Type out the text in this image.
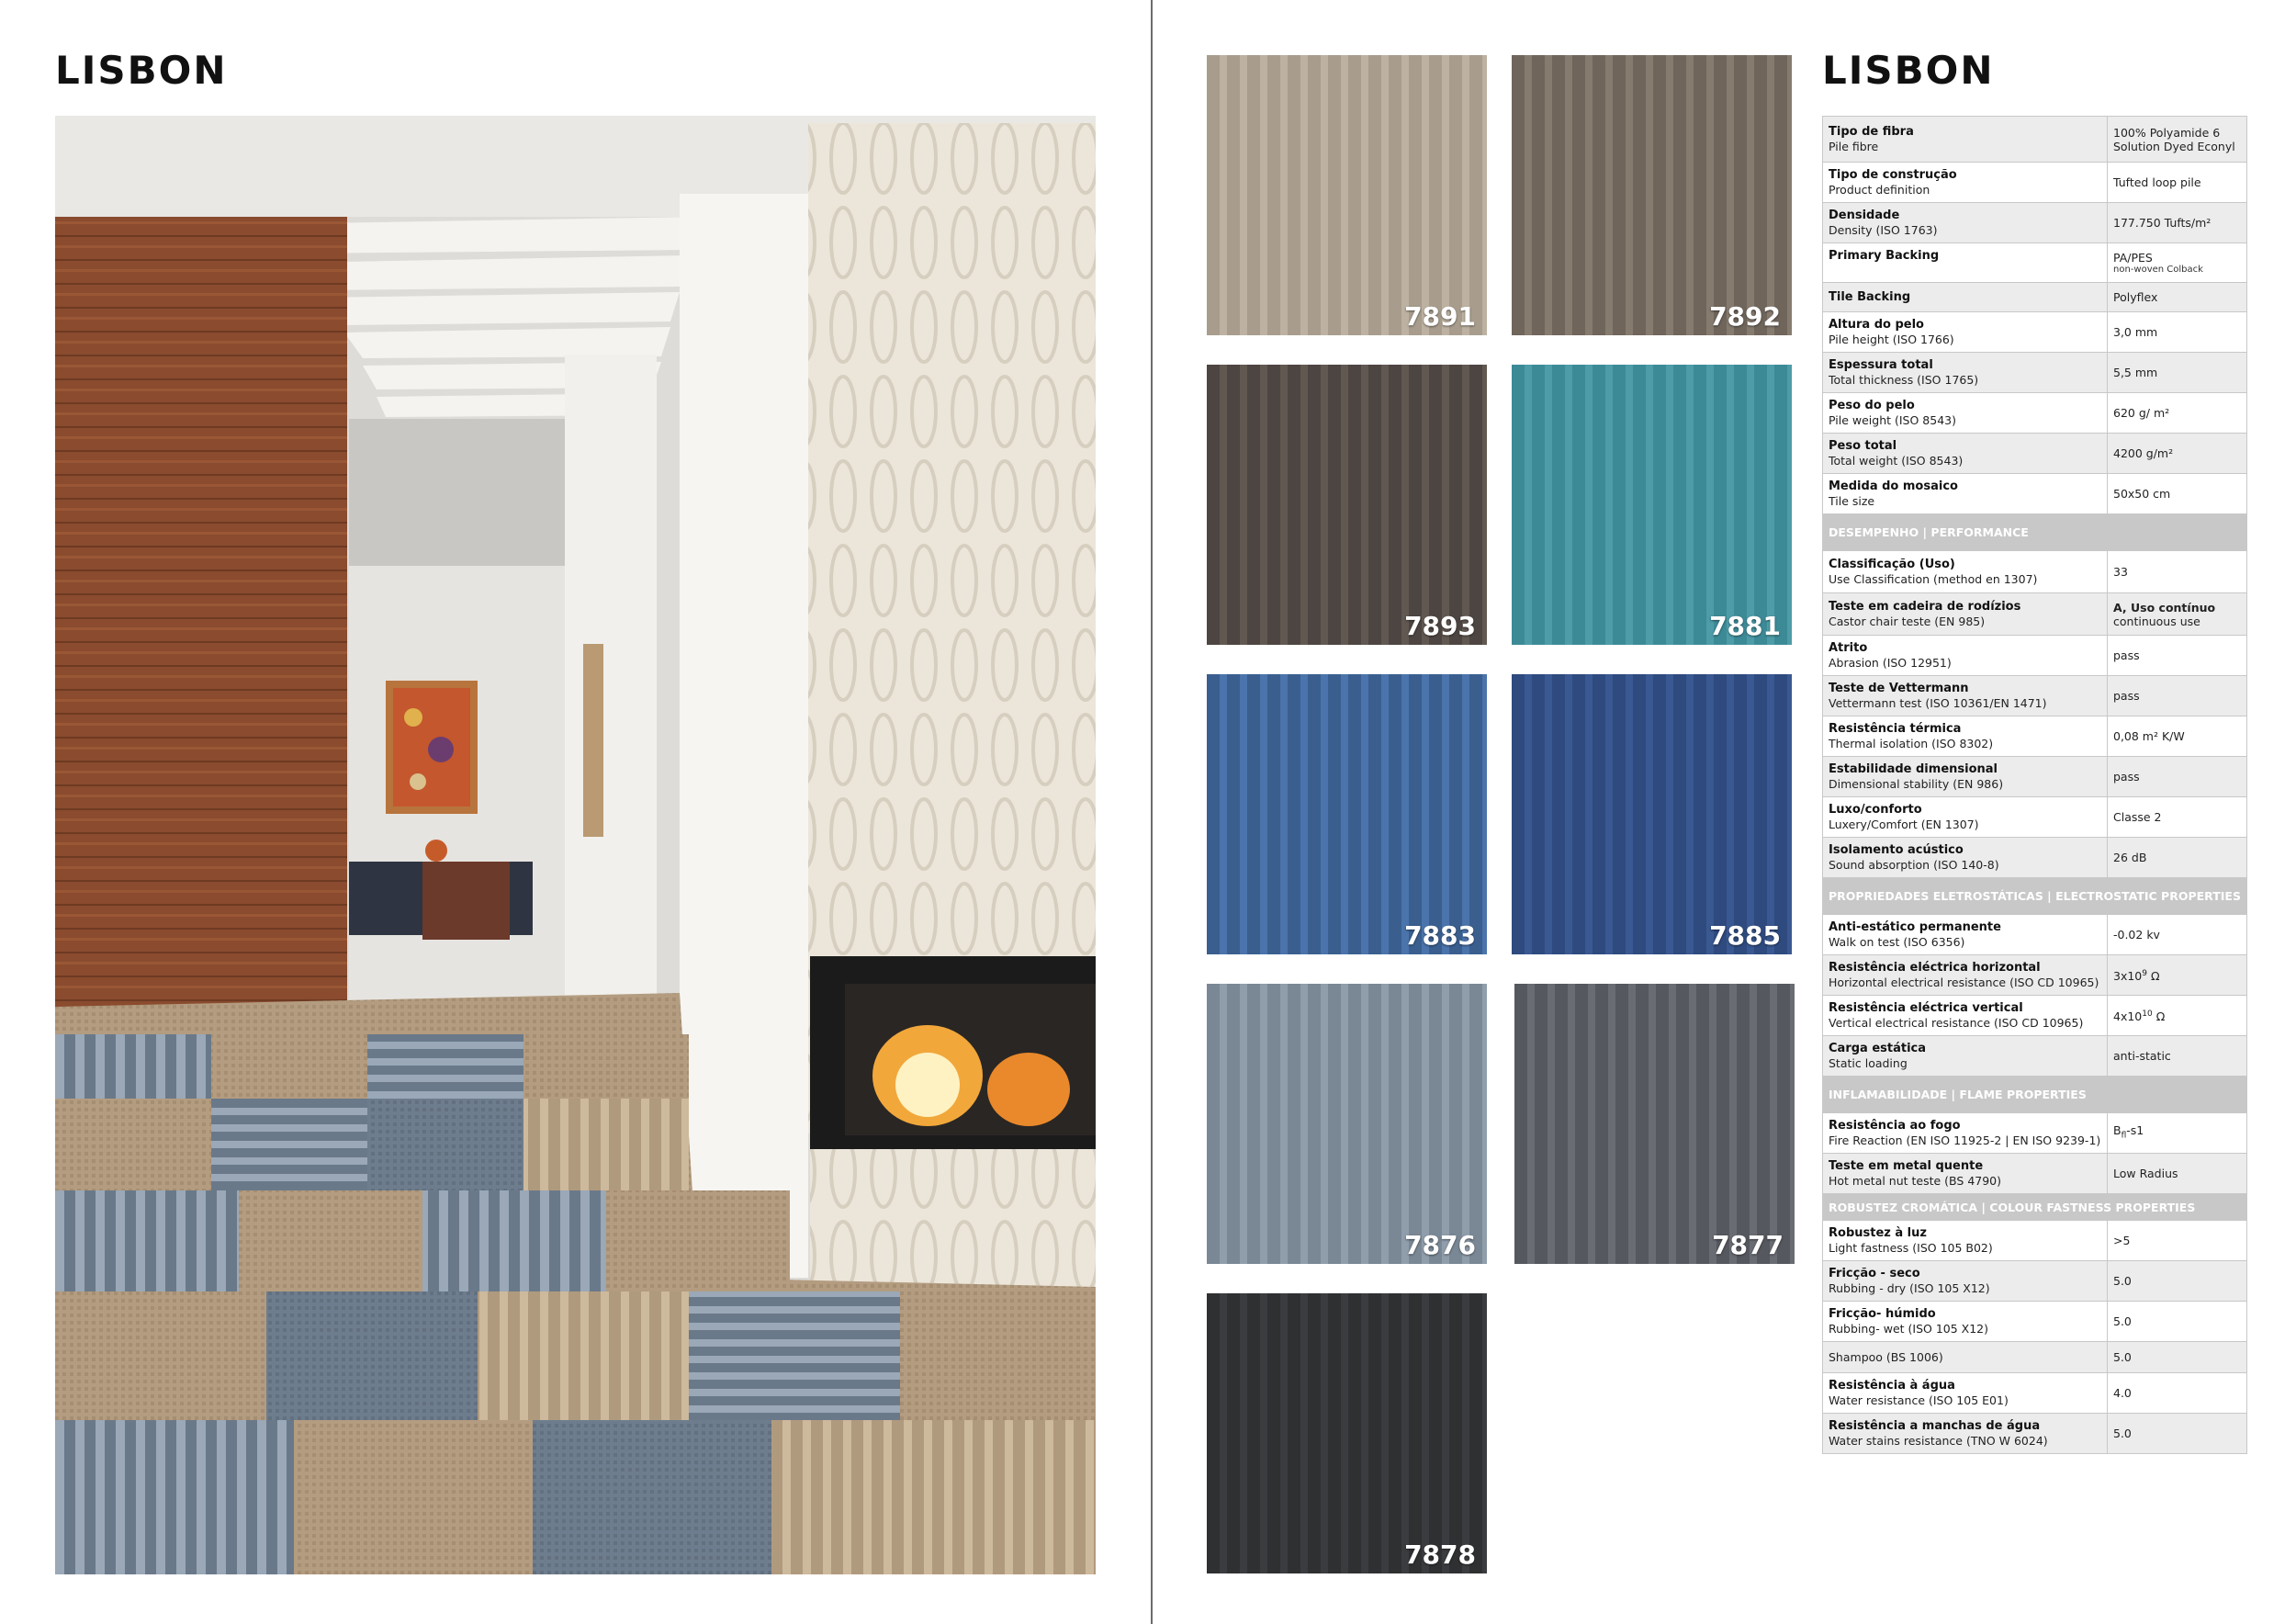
LISBON
7891	7892
7893	7881
7883	7885
7876	7877
7878
LISBON
Tipo de fibra
Pile fibre	100% Polyamide 6
Solution Dyed Econyl

Tipo de construção
Product definition	Tufted loop pile

Densidade
Density (ISO 1763)	177.750 Tufts/m²

Primary Backing	PA/PES
non-woven Colback

Tile Backing	Polyflex

Altura do pelo
Pile height (ISO 1766)	3,0 mm

Espessura total
Total thickness (ISO 1765)	5,5 mm

Peso do pelo
Pile weight (ISO 8543)	620 g/ m²

Peso total
Total weight (ISO 8543)	4200 g/m²

Medida do mosaico
Tile size	50x50 cm
DESEMPENHO | PERFORMANCE	

Classificação (Uso)
Use Classification (method en 1307)	33

Teste em cadeira de rodízios
Castor chair teste (EN 985)	A, Uso contínuo
continuous use

Atrito
Abrasion (ISO 12951)	pass

Teste de Vettermann
Vettermann test (ISO 10361/EN 1471)	pass

Resistência térmica
Thermal isolation (ISO 8302)	0,08 m² K/W

Estabilidade dimensional
Dimensional stability (EN 986)	pass

Luxo/conforto
Luxery/Comfort (EN 1307)	Classe 2

Isolamento acústico
Sound absorption (ISO 140-8)	26 dB
PROPRIEDADES ELETROSTÁTICAS | ELECTROSTATIC PROPERTIES	

Anti-estático permanente
Walk on test (ISO 6356)	-0.02 kv

Resistência eléctrica horizontal
Horizontal electrical resistance (ISO CD 10965)	$3x10^9$ Ω

Resistência eléctrica vertical
Vertical electrical resistance (ISO CD 10965)	$4x10^{10}$ Ω

Carga estática
Static loading	anti-static
INFLAMABILIDADE | FLAME PROPERTIES	

Resistência ao fogo
Fire Reaction (EN ISO 11925-2 | EN ISO 9239-1)	$B_{fl}-s1$

Teste em metal quente
Hot metal nut teste (BS 4790)	Low Radius
ROBUSTEZ CROMÁTICA | COLOUR FASTNESS PROPERTIES	

Robustez à luz
Light fastness (ISO 105 B02)	>5

Fricção - seco
Rubbing - dry (ISO 105 X12)	5.0

Fricção- húmido
Rubbing- wet (ISO 105 X12)	5.0

Shampoo (BS 1006)	5.0

Resistência à água
Water resistance (ISO 105 E01)	4.0

Resistência a manchas de água
Water stains resistance (TNO W 6024)	5.0
